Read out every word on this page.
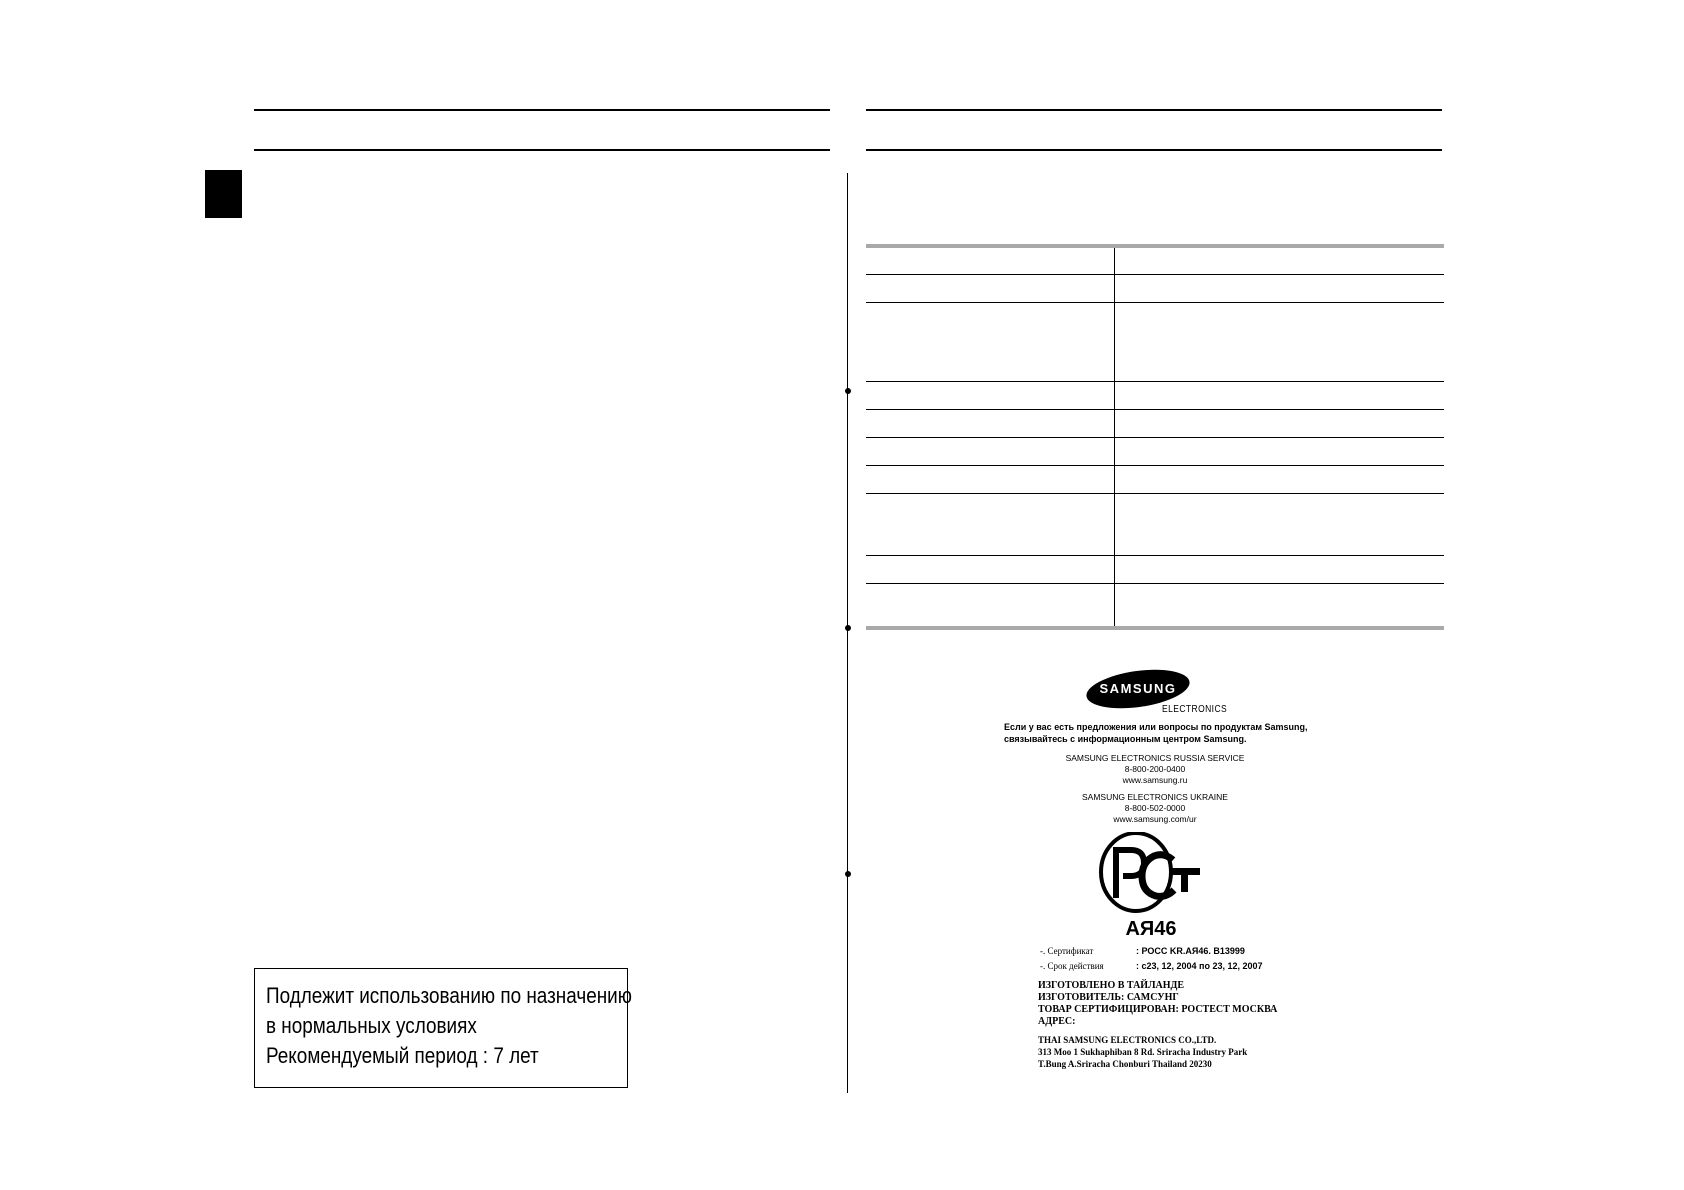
Подлежит использованию по назначению
в нормальных условиях
Рекомендуемый период : 7 лет
SAMSUNG
ELECTRONICS
Если у вас есть предложения или вопросы по продуктам Samsung,
связывайтесь с информационным центром Samsung.
SAMSUNG ELECTRONICS RUSSIA SERVICE
8-800-200-0400
www.samsung.ru
SAMSUNG ELECTRONICS UKRAINE
8-800-502-0000
www.samsung.com/ur
АЯ46
-. Сертификат	: РОСС KR.АЯ46. B13999
-. Срок действия	: с23, 12, 2004 по 23, 12, 2007
ИЗГОТОВЛЕНО В ТАЙЛАНДЕ
ИЗГОТОВИТЕЛЬ: САМСУНГ
ТОВАР СЕРТИФИЦИРОВАН: РОСТЕСТ МОСКВА
АДРЕС:
THAI SAMSUNG ELECTRONICS CO.,LTD.
313 Moo 1 Sukhaphiban 8 Rd. Sriracha Industry Park
T.Bung A.Sriracha Chonburi Thailand 20230
